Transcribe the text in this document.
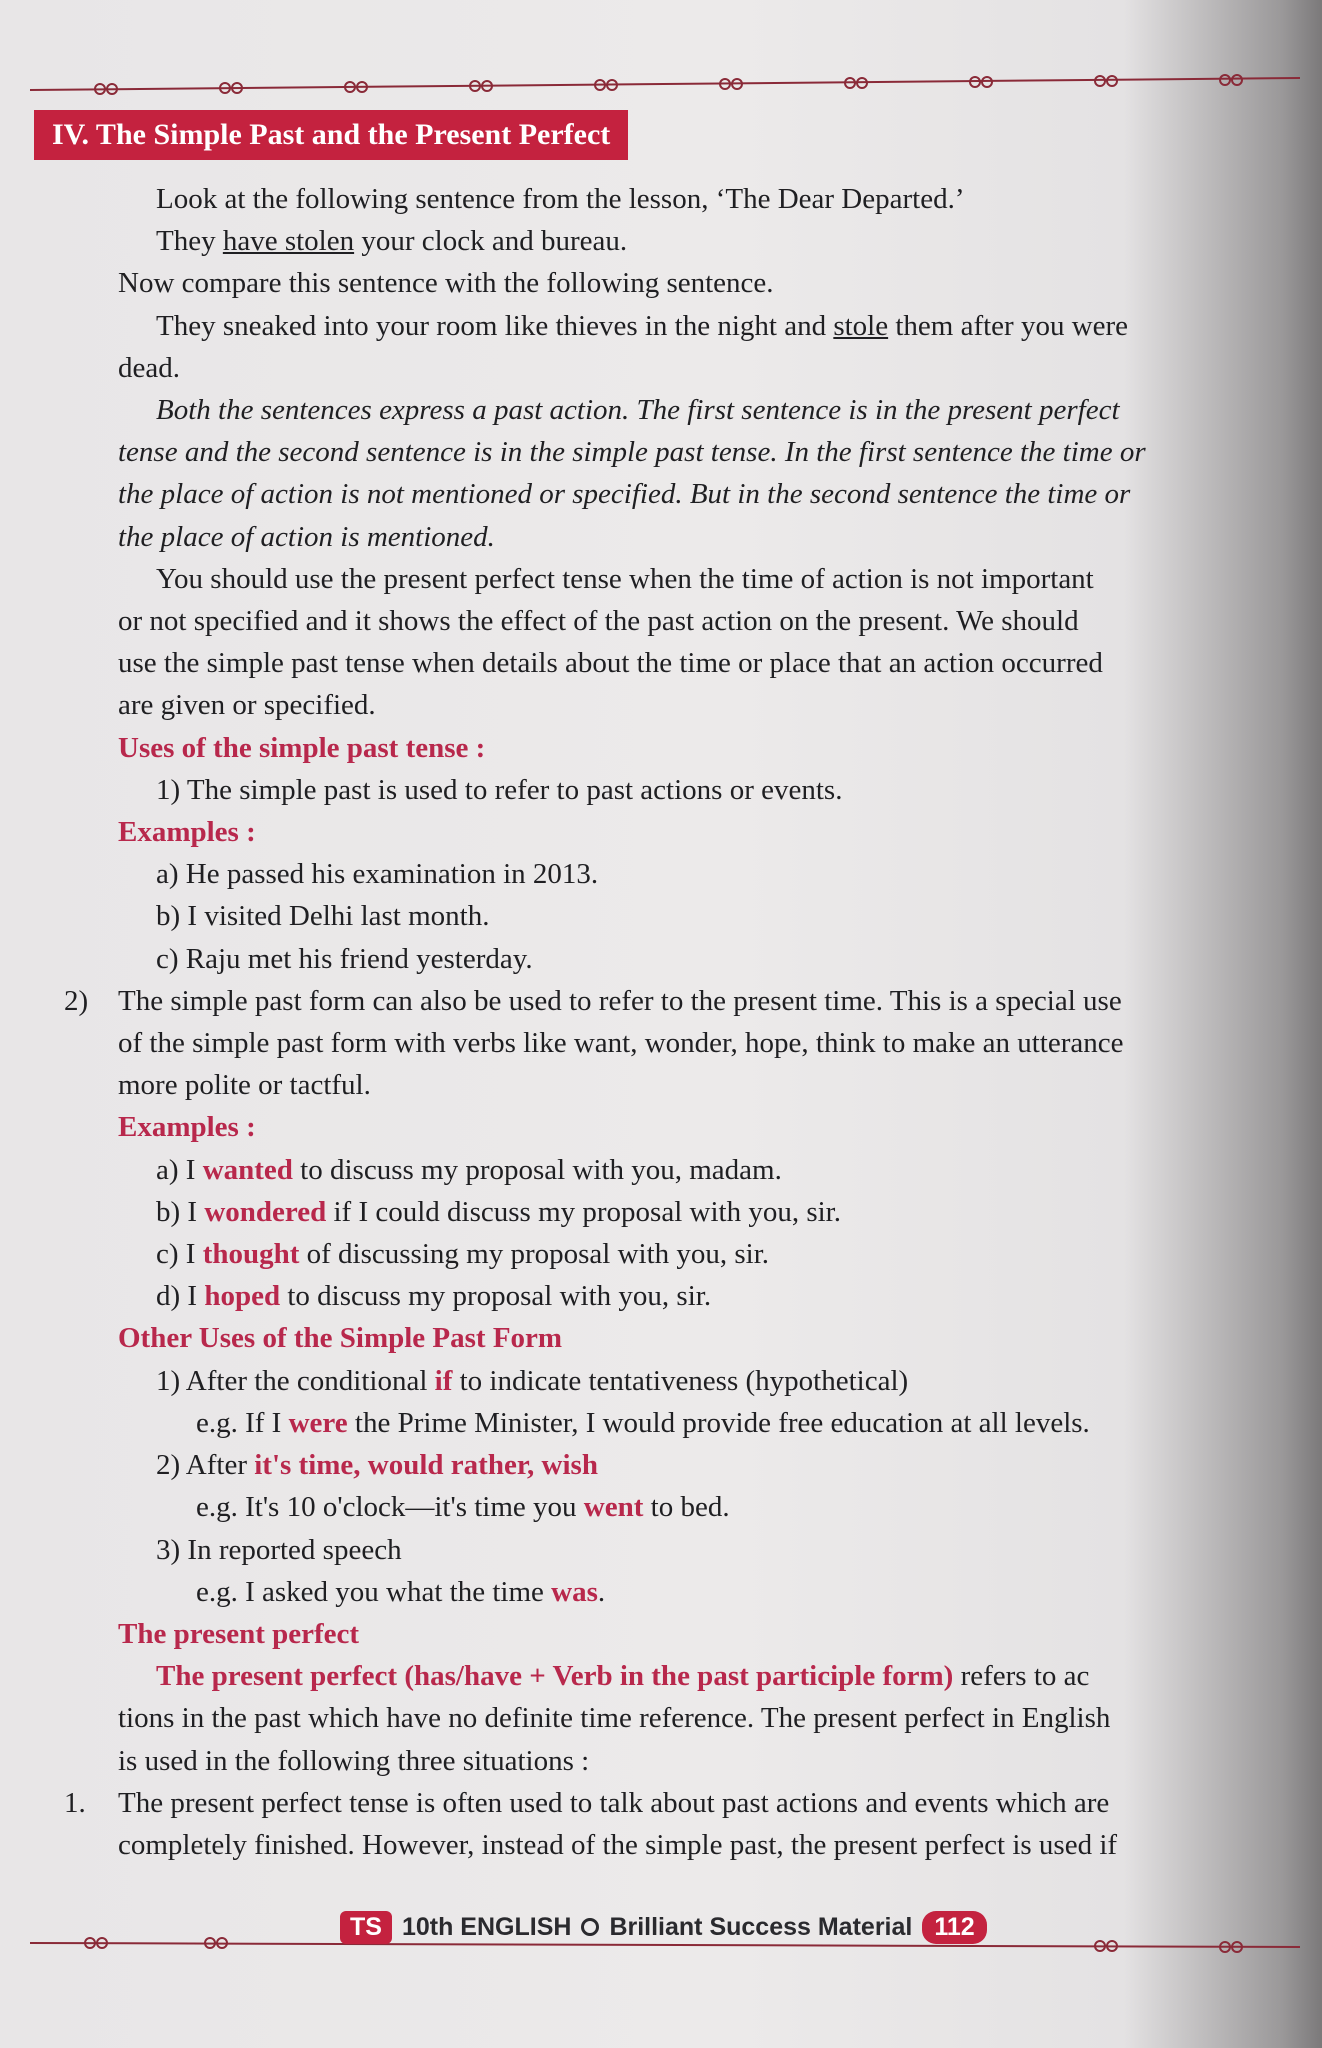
IV. The Simple Past and the Present Perfect
Look at the following sentence from the lesson, ‘The Dear Departed.’
They have stolen your clock and bureau.
Now compare this sentence with the following sentence.
They sneaked into your room like thieves in the night and stole them after you were
dead.
Both the sentences express a past action. The first sentence is in the present perfect
tense and the second sentence is in the simple past tense. In the first sentence the time or
the place of action is not mentioned or specified. But in the second sentence the time or
the place of action is mentioned.
You should use the present perfect tense when the time of action is not important
or not specified and it shows the effect of the past action on the present. We should
use the simple past tense when details about the time or place that an action occurred
are given or specified.
Uses of the simple past tense :
1) The simple past is used to refer to past actions or events.
Examples :
a) He passed his examination in 2013.
b) I visited Delhi last month.
c) Raju met his friend yesterday.
2) The simple past form can also be used to refer to the present time. This is a special use
of the simple past form with verbs like want, wonder, hope, think to make an utterance
more polite or tactful.
Examples :
a) I wanted to discuss my proposal with you, madam.
b) I wondered if I could discuss my proposal with you, sir.
c) I thought of discussing my proposal with you, sir.
d) I hoped to discuss my proposal with you, sir.
Other Uses of the Simple Past Form
1) After the conditional if to indicate tentativeness (hypothetical)
e.g. If I were the Prime Minister, I would provide free education at all levels.
2) After it's time, would rather, wish
e.g. It's 10 o'clock—it's time you went to bed.
3) In reported speech
e.g. I asked you what the time was.
The present perfect
The present perfect (has/have + Verb in the past participle form) refers to ac
tions in the past which have no definite time reference. The present perfect in English
is used in the following three situations :
1. The present perfect tense is often used to talk about past actions and events which are
completely finished. However, instead of the simple past, the present perfect is used if
TS 10th ENGLISH Brilliant Success Material 112
